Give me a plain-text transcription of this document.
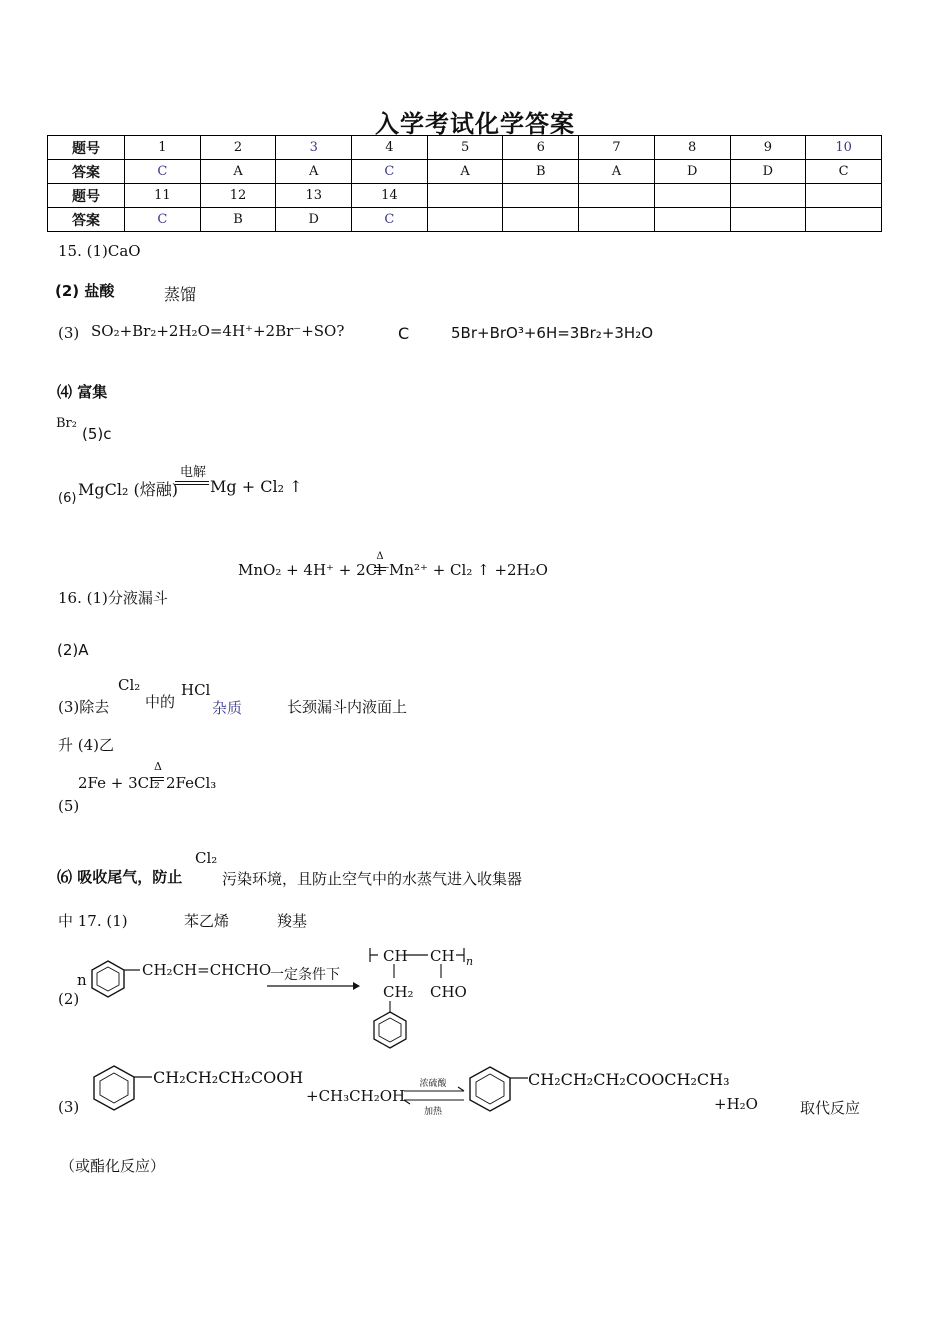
入学考试化学答案
题号	1	2	3	4	5	6	7	8	9	10
答案	C	A	A	C	A	B	A	D	D	C
题号	11	12	13	14						
答案	C	B	D	C						
15. (1)CaO
(2) 盐酸	蒸馏
(3) SO₂+Br₂+2H₂O=4H⁺+2Br⁻+SO?	C	5Br+BrO³+6H=3Br₂+3H₂O
⑷ 富集
Br₂
(5)c
(6) MgCl₂ (熔融)
电解
Mg + Cl₂ ↑
MnO₂ + 4H⁺ + 2Cl⁻
Δ
Mn²⁺ + Cl₂ ↑ +2H₂O
16. (1)分液漏斗
(2)A
(3)除去
Cl₂
中的
HCl
杂质	长颈漏斗内液面上
升 (4)乙
2Fe + 3Cl₂
Δ
2FeCl₃
(5)
⑹ 吸收尾气，防止
Cl₂
污染环境，且防止空气中的水蒸气进入收集器
中 17. (1)	苯乙烯	羧基
(2)
n
CH₂CH=CHCHO
一定条件下
CH CH n
CH₂ CHO
(3)
CH₂CH₂CH₂COOH
+CH₃CH₂OH
浓硫酸
加热
CH₂CH₂CH₂COOCH₂CH₃
+H₂O	取代反应
（或酯化反应）
